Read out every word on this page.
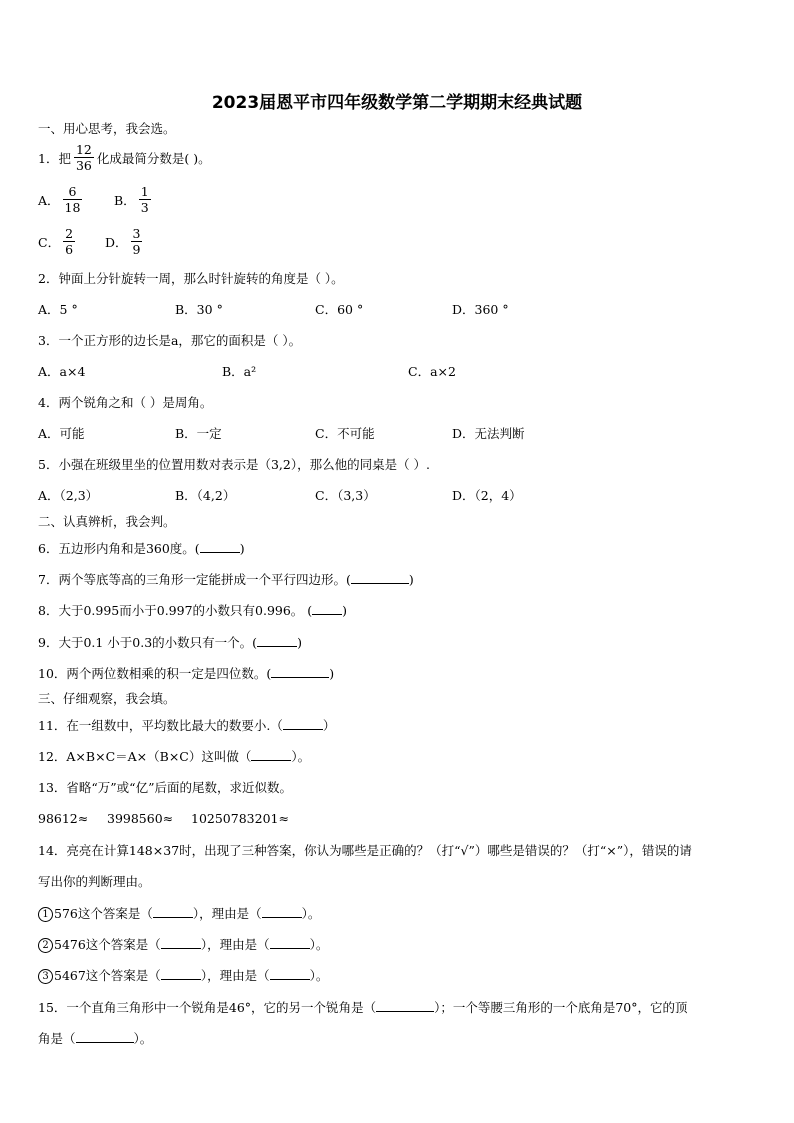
2023届恩平市四年级数学第二学期期末经典试题
一、用心思考，我会选。
1．把 $\frac{12}{36}$ 化成最简分数是( )。
A． $\frac{6}{18}$	B． $\frac{1}{3}$
C． $\frac{2}{6}$ D． $\frac{3}{9}$
2．钟面上分针旋转一周，那么时针旋转的角度是（ ）。
A．5 °	B．30 °	C．60 °	D．360 °
3．一个正方形的边长是a，那它的面积是（ ）。
A．a×4	B．a²	C．a×2
4．两个锐角之和（ ）是周角。
A．可能	B．一定	C．不可能	D．无法判断
5．小强在班级里坐的位置用数对表示是（3,2），那么他的同桌是（ ）.
A．（2,3）	B．（4,2）	C．（3,3）	D．（2，4）
二、认真辨析，我会判。
6．五边形内角和是360度。(	)
7．两个等底等高的三角形一定能拼成一个平行四边形。(	)
8．大于0.995而小于0.997的小数只有0.996。 ( )
9．大于0.1 小于0.3的小数只有一个。(	)
10．两个两位数相乘的积一定是四位数。(	)
三、仔细观察，我会填。
11．在一组数中，平均数比最大的数要小.（	）
12．A×B×C＝A×（B×C）这叫做（	）。
13．省略“万”或“亿”后面的尾数，求近似数。
98612≈ 3998560≈ 10250783201≈
14．亮亮在计算148×37时，出现了三种答案，你认为哪些是正确的？（打“√”）哪些是错误的？（打“×”），错误的请
写出你的判断理由。
1 576这个答案是（	），理由是（	）。
2 5476这个答案是（	），理由是（	）。
3 5467这个答案是（	），理由是（	）。
15．一个直角三角形中一个锐角是46°，它的另一个锐角是（	）；一个等腰三角形的一个底角是70°，它的顶
角是（	）。
